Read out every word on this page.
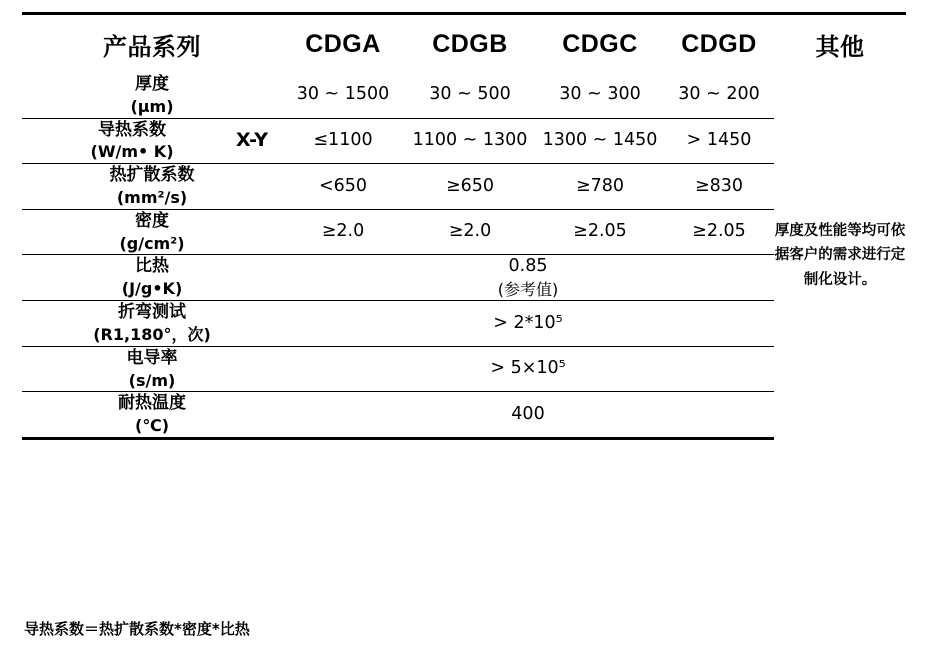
产品系列	CDGA	CDGB	CDGC	CDGD	其他
厚度
(μm)	30 ~ 1500	30 ~ 500	30 ~ 300	30 ~ 200	厚度及性能等均可依据客户的需求进行定制化设计。

导热系数
(W/m• K)
X-Y	≤1100	1100 ~ 1300	1300 ~ 1450	> 1450	
热扩散系数
(mm²/s)	<650	≥650	≥780	≥830	
密度
(g/cm²)	≥2.0	≥2.0	≥2.05	≥2.05	
比热
(J/g•K)	0.85
(参考值)				

折弯测试
(R1,180°，次)	> 2*10⁵				
电导率
(s/m)	> 5×10⁵				
耐热温度
(℃)	400				
导热系数＝热扩散系数*密度*比热
